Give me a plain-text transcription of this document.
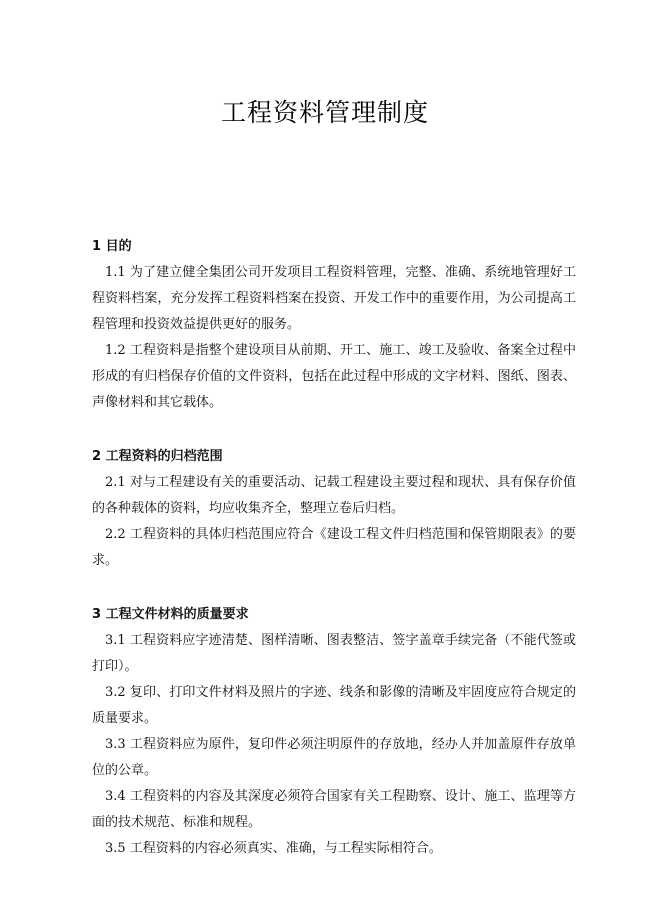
工程资料管理制度

1 目的

1.1 为了建立健全集团公司开发项目工程资料管理，完整、准确、系统地管理好工程资料档案，充分发挥工程资料档案在投资、开发工作中的重要作用，为公司提高工程管理和投资效益提供更好的服务。

1.2 工程资料是指整个建设项目从前期、开工、施工、竣工及验收、备案全过程中形成的有归档保存价值的文件资料，包括在此过程中形成的文字材料、图纸、图表、声像材料和其它载体。

2 工程资料的归档范围

2.1 对与工程建设有关的重要活动、记载工程建设主要过程和现状、具有保存价值的各种载体的资料，均应收集齐全，整理立卷后归档。

2.2 工程资料的具体归档范围应符合《建设工程文件归档范围和保管期限表》的要求。

3 工程文件材料的质量要求

3.1 工程资料应字迹清楚、图样清晰、图表整洁、签字盖章手续完备（不能代签或打印）。

3.2 复印、打印文件材料及照片的字迹、线条和影像的清晰及牢固度应符合规定的质量要求。

3.3 工程资料应为原件，复印件必须注明原件的存放地，经办人并加盖原件存放单位的公章。

3.4 工程资料的内容及其深度必须符合国家有关工程勘察、设计、施工、监理等方面的技术规范、标准和规程。

3.5 工程资料的内容必须真实、准确，与工程实际相符合。
